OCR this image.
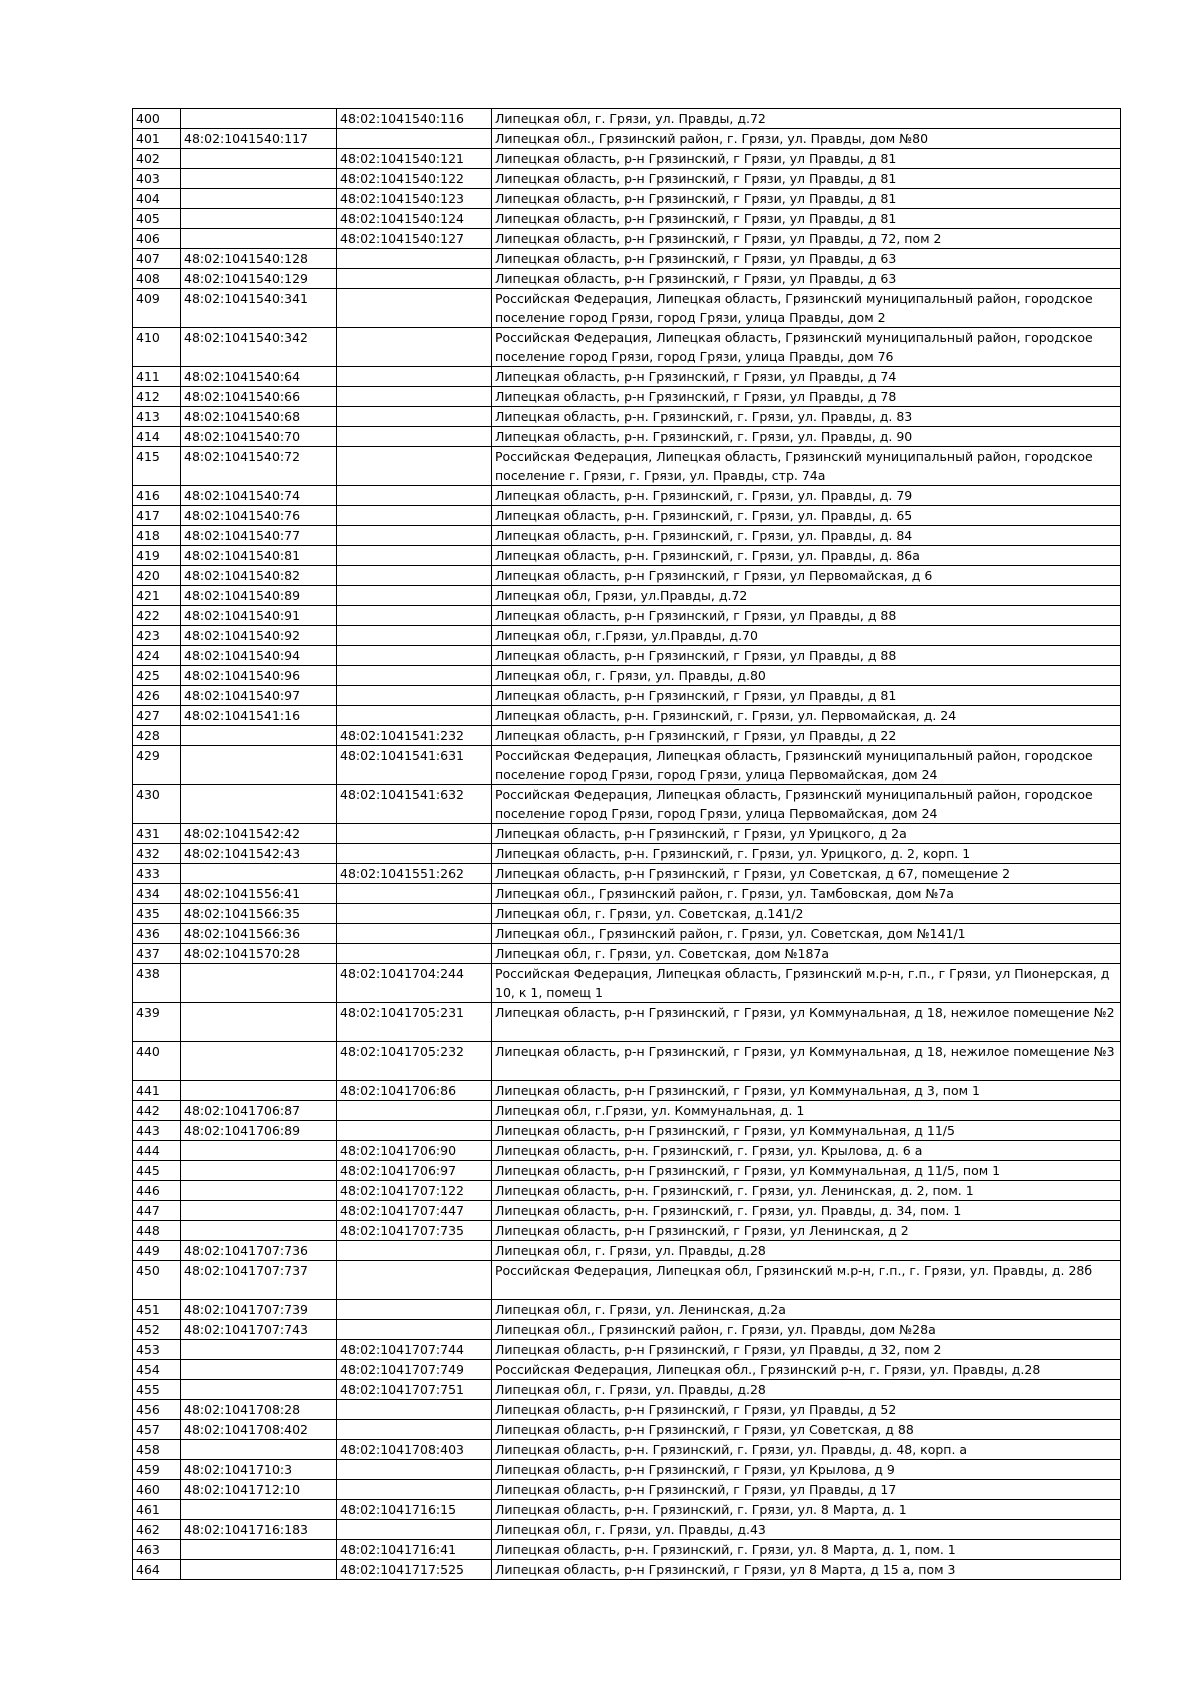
400		48:02:1041540:116	Липецкая обл, г. Грязи, ул. Правды, д.72
401	48:02:1041540:117		Липецкая обл., Грязинский район, г. Грязи, ул. Правды, дом №80
402		48:02:1041540:121	Липецкая область, р-н Грязинский, г Грязи, ул Правды, д 81
403		48:02:1041540:122	Липецкая область, р-н Грязинский, г Грязи, ул Правды, д 81
404		48:02:1041540:123	Липецкая область, р-н Грязинский, г Грязи, ул Правды, д 81
405		48:02:1041540:124	Липецкая область, р-н Грязинский, г Грязи, ул Правды, д 81
406		48:02:1041540:127	Липецкая область, р-н Грязинский, г Грязи, ул Правды, д 72, пом 2
407	48:02:1041540:128		Липецкая область, р-н Грязинский, г Грязи, ул Правды, д 63
408	48:02:1041540:129		Липецкая область, р-н Грязинский, г Грязи, ул Правды, д 63
409	48:02:1041540:341		Российская Федерация, Липецкая область, Грязинский муниципальный район, городское поселение город Грязи, город Грязи, улица Правды, дом 2
410	48:02:1041540:342		Российская Федерация, Липецкая область, Грязинский муниципальный район, городское поселение город Грязи, город Грязи, улица Правды, дом 76
411	48:02:1041540:64		Липецкая область, р-н Грязинский, г Грязи, ул Правды, д 74
412	48:02:1041540:66		Липецкая область, р-н Грязинский, г Грязи, ул Правды, д 78
413	48:02:1041540:68		Липецкая область, р-н. Грязинский, г. Грязи, ул. Правды, д. 83
414	48:02:1041540:70		Липецкая область, р-н. Грязинский, г. Грязи, ул. Правды, д. 90
415	48:02:1041540:72		Российская Федерация, Липецкая область, Грязинский муниципальный район, городское поселение г. Грязи, г. Грязи, ул. Правды, стр. 74а
416	48:02:1041540:74		Липецкая область, р-н. Грязинский, г. Грязи, ул. Правды, д. 79
417	48:02:1041540:76		Липецкая область, р-н. Грязинский, г. Грязи, ул. Правды, д. 65
418	48:02:1041540:77		Липецкая область, р-н. Грязинский, г. Грязи, ул. Правды, д. 84
419	48:02:1041540:81		Липецкая область, р-н. Грязинский, г. Грязи, ул. Правды, д. 86а
420	48:02:1041540:82		Липецкая область, р-н Грязинский, г Грязи, ул Первомайская, д 6
421	48:02:1041540:89		Липецкая обл, Грязи, ул.Правды, д.72
422	48:02:1041540:91		Липецкая область, р-н Грязинский, г Грязи, ул Правды, д 88
423	48:02:1041540:92		Липецкая обл, г.Грязи, ул.Правды, д.70
424	48:02:1041540:94		Липецкая область, р-н Грязинский, г Грязи, ул Правды, д 88
425	48:02:1041540:96		Липецкая обл, г. Грязи, ул. Правды, д.80
426	48:02:1041540:97		Липецкая область, р-н Грязинский, г Грязи, ул Правды, д 81
427	48:02:1041541:16		Липецкая область, р-н. Грязинский, г. Грязи, ул. Первомайская, д. 24
428		48:02:1041541:232	Липецкая область, р-н Грязинский, г Грязи, ул Правды, д 22
429		48:02:1041541:631	Российская Федерация, Липецкая область, Грязинский муниципальный район, городское поселение город Грязи, город Грязи, улица Первомайская, дом 24
430		48:02:1041541:632	Российская Федерация, Липецкая область, Грязинский муниципальный район, городское поселение город Грязи, город Грязи, улица Первомайская, дом 24
431	48:02:1041542:42		Липецкая область, р-н Грязинский, г Грязи, ул Урицкого, д 2а
432	48:02:1041542:43		Липецкая область, р-н. Грязинский, г. Грязи, ул. Урицкого, д. 2, корп. 1
433		48:02:1041551:262	Липецкая область, р-н Грязинский, г Грязи, ул Советская, д 67, помещение 2
434	48:02:1041556:41		Липецкая обл., Грязинский район, г. Грязи, ул. Тамбовская, дом №7а
435	48:02:1041566:35		Липецкая обл, г. Грязи, ул. Советская, д.141/2
436	48:02:1041566:36		Липецкая обл., Грязинский район, г. Грязи, ул. Советская, дом №141/1
437	48:02:1041570:28		Липецкая обл, г. Грязи, ул. Советская, дом №187а
438		48:02:1041704:244	Российская Федерация, Липецкая область, Грязинский м.р-н, г.п., г Грязи, ул Пионерская, д 10, к 1, помещ 1
439		48:02:1041705:231	Липецкая область, р-н Грязинский, г Грязи, ул Коммунальная, д 18, нежилое помещение №2
440		48:02:1041705:232	Липецкая область, р-н Грязинский, г Грязи, ул Коммунальная, д 18, нежилое помещение №3
441		48:02:1041706:86	Липецкая область, р-н Грязинский, г Грязи, ул Коммунальная, д 3, пом 1
442	48:02:1041706:87		Липецкая обл, г.Грязи, ул. Коммунальная, д. 1
443	48:02:1041706:89		Липецкая область, р-н Грязинский, г Грязи, ул Коммунальная, д 11/5
444		48:02:1041706:90	Липецкая область, р-н. Грязинский, г. Грязи, ул. Крылова, д. 6 а
445		48:02:1041706:97	Липецкая область, р-н Грязинский, г Грязи, ул Коммунальная, д 11/5, пом 1
446		48:02:1041707:122	Липецкая область, р-н. Грязинский, г. Грязи, ул. Ленинская, д. 2, пом. 1
447		48:02:1041707:447	Липецкая область, р-н. Грязинский, г. Грязи, ул. Правды, д. 34, пом. 1
448		48:02:1041707:735	Липецкая область, р-н Грязинский, г Грязи, ул Ленинская, д 2
449	48:02:1041707:736		Липецкая обл, г. Грязи, ул. Правды, д.28
450	48:02:1041707:737		Российская Федерация, Липецкая обл, Грязинский м.р-н, г.п., г. Грязи, ул. Правды, д. 28б
451	48:02:1041707:739		Липецкая обл, г. Грязи, ул. Ленинская, д.2а
452	48:02:1041707:743		Липецкая обл., Грязинский район, г. Грязи, ул. Правды, дом №28а
453		48:02:1041707:744	Липецкая область, р-н Грязинский, г Грязи, ул Правды, д 32, пом 2
454		48:02:1041707:749	Российская Федерация, Липецкая обл., Грязинский р-н, г. Грязи, ул. Правды, д.28
455		48:02:1041707:751	Липецкая обл, г. Грязи, ул. Правды, д.28
456	48:02:1041708:28		Липецкая область, р-н Грязинский, г Грязи, ул Правды, д 52
457	48:02:1041708:402		Липецкая область, р-н Грязинский, г Грязи, ул Советская, д 88
458		48:02:1041708:403	Липецкая область, р-н. Грязинский, г. Грязи, ул. Правды, д. 48, корп. а
459	48:02:1041710:3		Липецкая область, р-н Грязинский, г Грязи, ул Крылова, д 9
460	48:02:1041712:10		Липецкая область, р-н Грязинский, г Грязи, ул Правды, д 17
461		48:02:1041716:15	Липецкая область, р-н. Грязинский, г. Грязи, ул. 8 Марта, д. 1
462	48:02:1041716:183		Липецкая обл, г. Грязи, ул. Правды, д.43
463		48:02:1041716:41	Липецкая область, р-н. Грязинский, г. Грязи, ул. 8 Марта, д. 1, пом. 1
464		48:02:1041717:525	Липецкая область, р-н Грязинский, г Грязи, ул 8 Марта, д 15 а, пом 3
